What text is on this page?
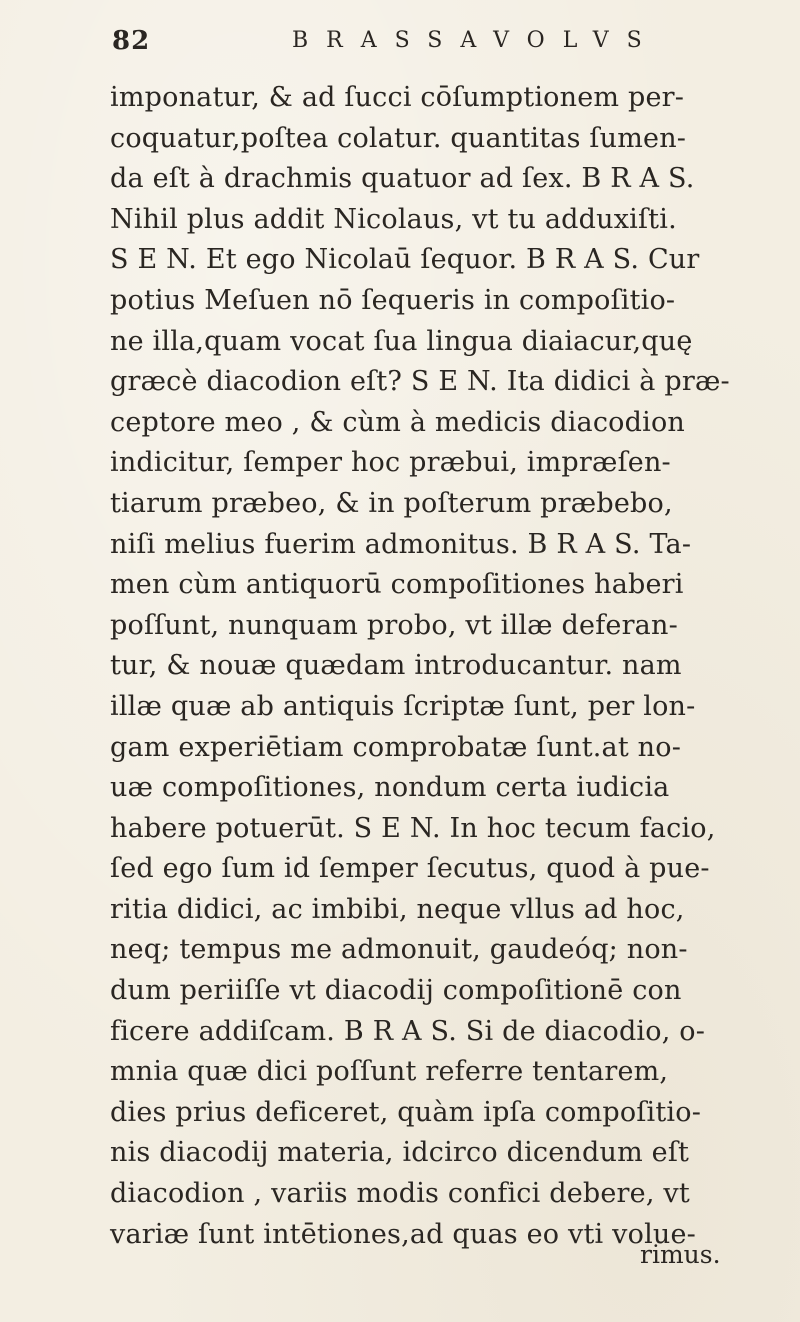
82	BRASSAVOLVS
imponatur, & ad ſucci cōſumptionem per-
coquatur,poſtea colatur. quantitas ſumen-
da eſt à drachmis quatuor ad ſex. B R A S.
Nihil plus addit Nicolaus, vt tu adduxiſti.
S E N. Et ego Nicolaū ſequor. B R A S. Cur
potius Meſuen nō ſequeris in compoſitio-
ne illa,quam vocat ſua lingua diaiacur,quę
græcè diacodion eſt? S E N. Ita didici à præ-
ceptore meo , & cùm à medicis diacodion
indicitur, ſemper hoc præbui, impræſen-
tiarum præbeo, & in poſterum præbebo,
niſi melius fuerim admonitus. B R A S. Ta-
men cùm antiquorū compoſitiones haberi
poſſunt, nunquam probo, vt illæ deferan-
tur, & nouæ quædam introducantur. nam
illæ quæ ab antiquis ſcriptæ ſunt, per lon-
gam experiētiam comprobatæ ſunt.at no-
uæ compoſitiones, nondum certa iudicia
habere potuerūt. S E N. In hoc tecum facio,
ſed ego ſum id ſemper ſecutus, quod à pue-
ritia didici, ac imbibi, neque vllus ad hoc,
neq; tempus me admonuit, gaudeóq; non-
dum periiſſe vt diacodij compoſitionē con
ficere addiſcam. B R A S. Si de diacodio, o-
mnia quæ dici poſſunt referre tentarem,
dies prius deficeret, quàm ipſa compoſitio-
nis diacodij materia, idcirco dicendum eſt
diacodion , variis modis confici debere, vt
variæ ſunt intētiones,ad quas eo vti volue-
rimus.
